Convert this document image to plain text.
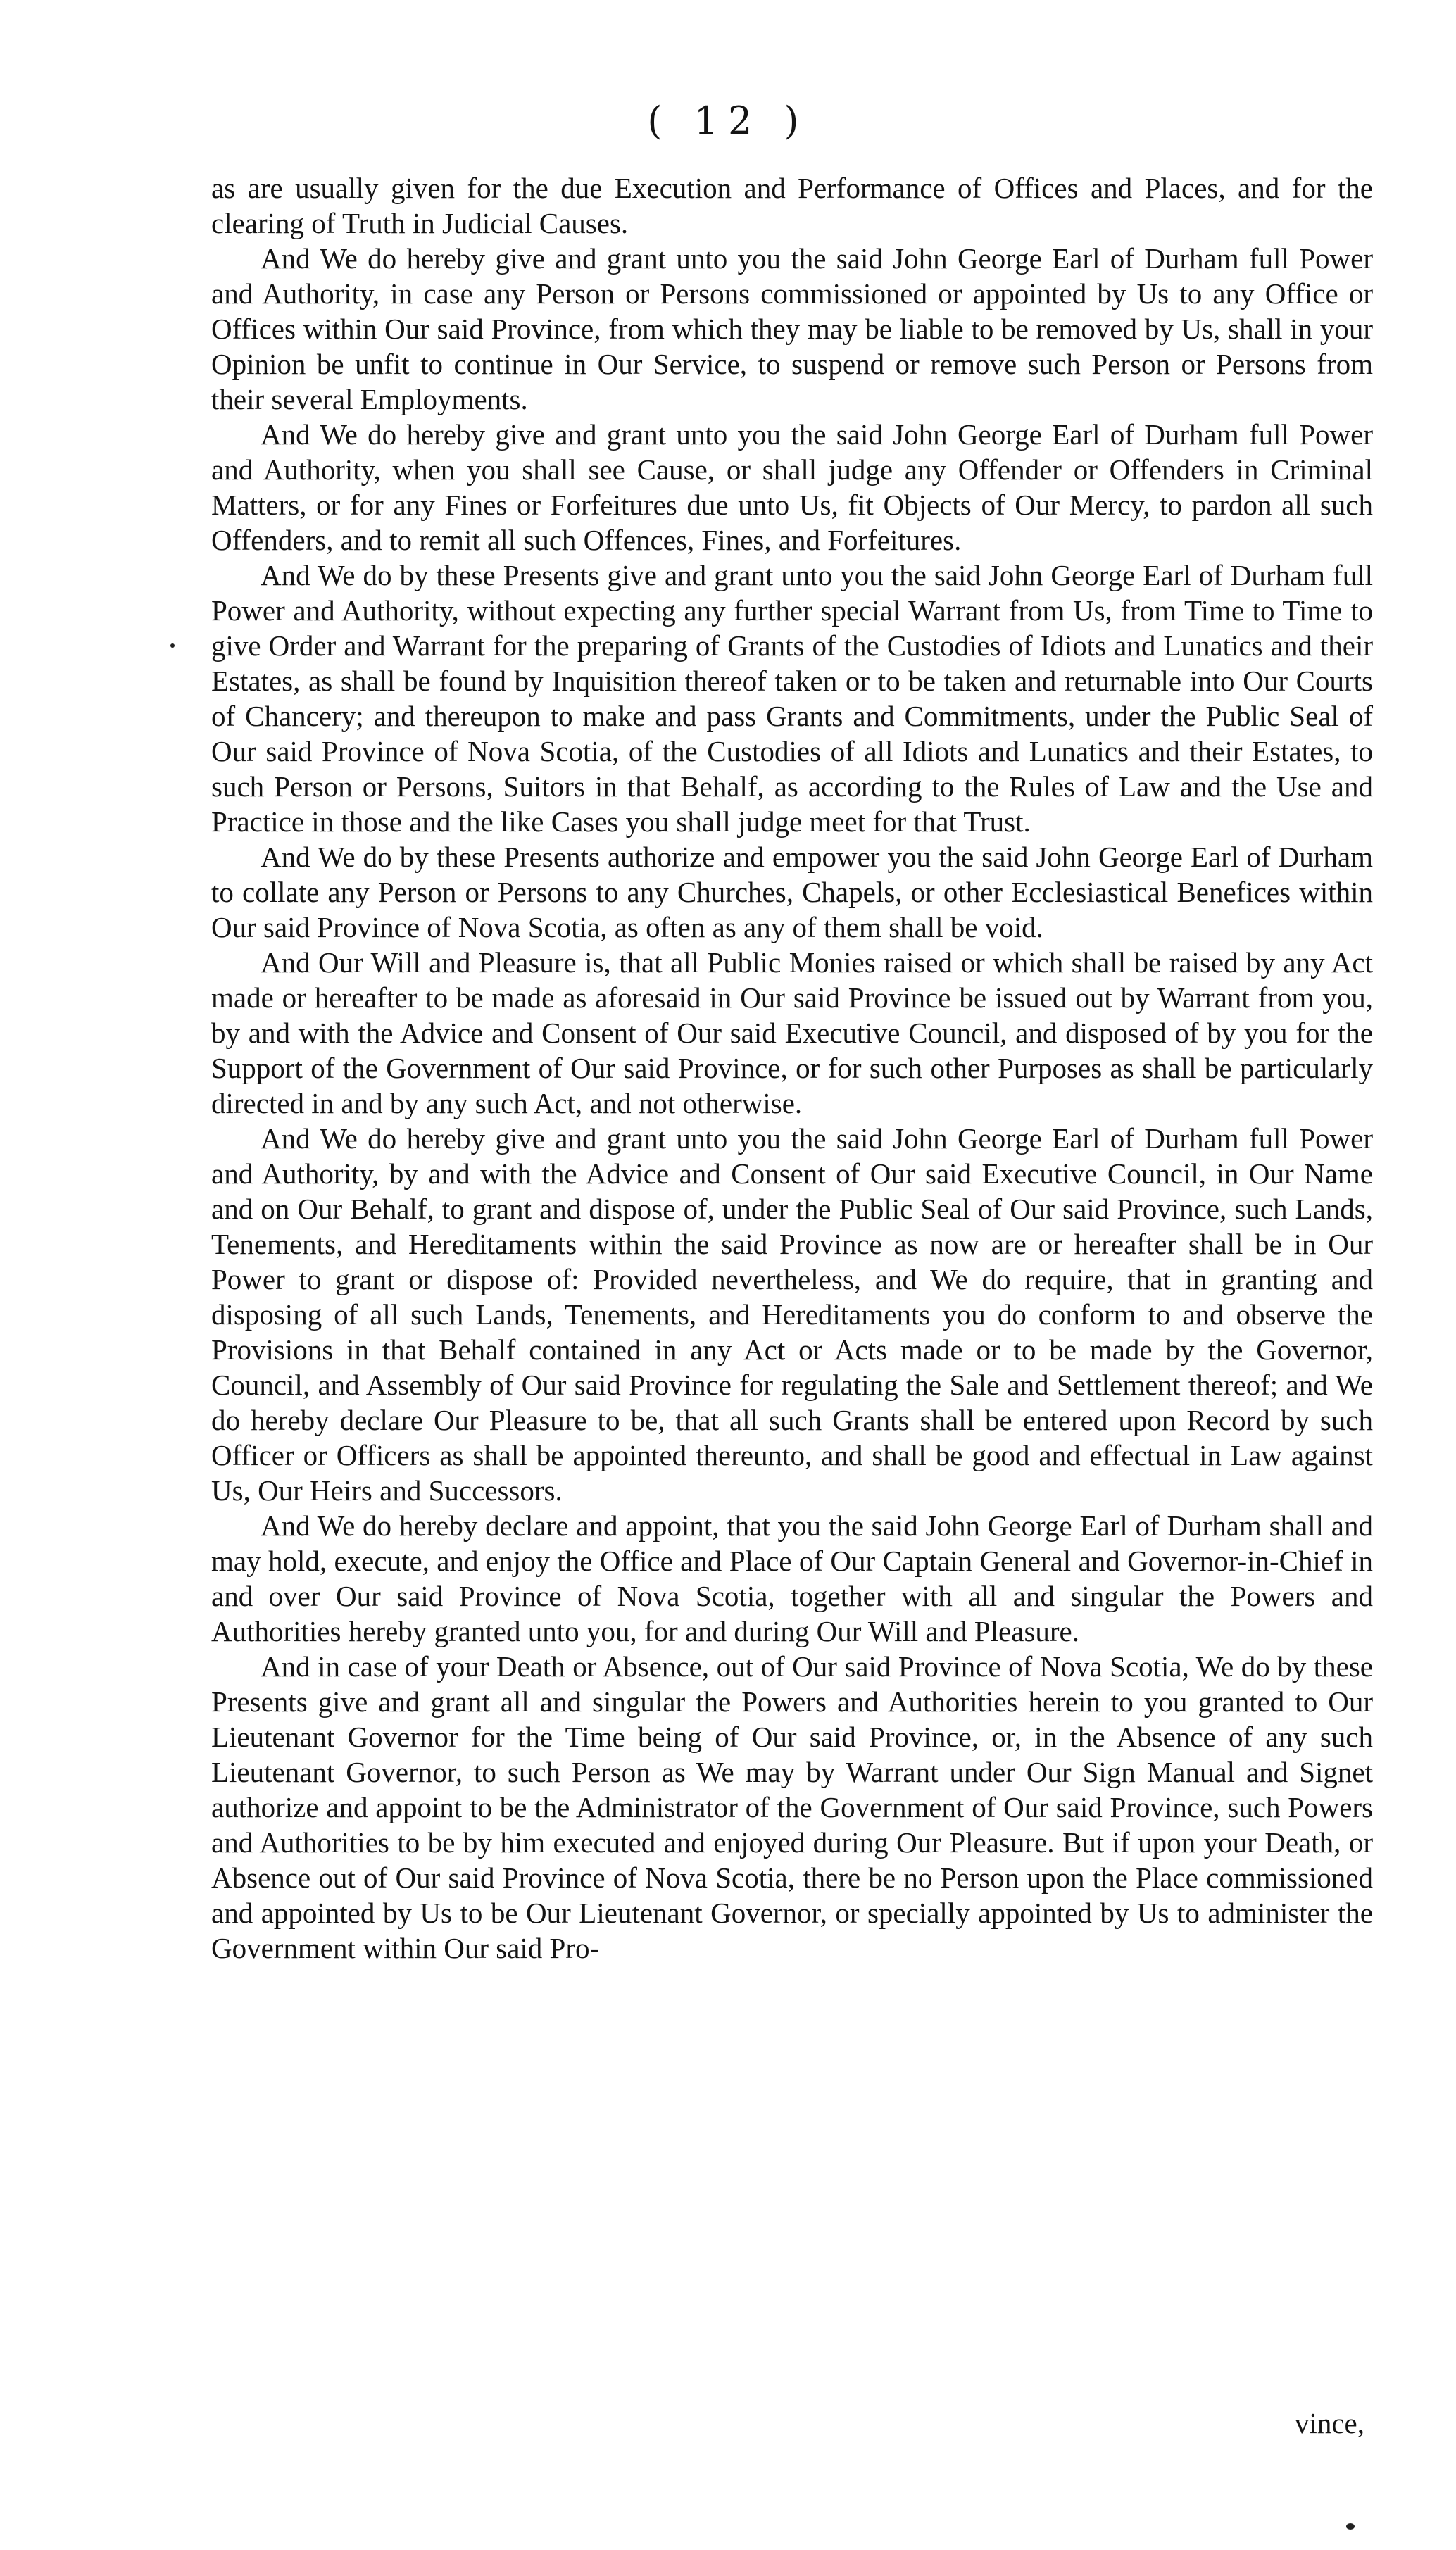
( 12 )

as are usually given for the due Execution and Performance of Offices and Places, and for the clearing of Truth in Judicial Causes.

And We do hereby give and grant unto you the said John George Earl of Durham full Power and Authority, in case any Person or Persons commissioned or appointed by Us to any Office or Offices within Our said Province, from which they may be liable to be removed by Us, shall in your Opinion be unfit to continue in Our Service, to suspend or remove such Person or Persons from their several Employments.

And We do hereby give and grant unto you the said John George Earl of Durham full Power and Authority, when you shall see Cause, or shall judge any Offender or Offenders in Criminal Matters, or for any Fines or Forfeitures due unto Us, fit Objects of Our Mercy, to pardon all such Offenders, and to remit all such Offences, Fines, and Forfeitures.

And We do by these Presents give and grant unto you the said John George Earl of Durham full Power and Authority, without expecting any further special Warrant from Us, from Time to Time to give Order and Warrant for the preparing of Grants of the Custodies of Idiots and Lunatics and their Estates, as shall be found by Inquisition thereof taken or to be taken and returnable into Our Courts of Chancery; and thereupon to make and pass Grants and Commitments, under the Public Seal of Our said Province of Nova Scotia, of the Custodies of all Idiots and Lunatics and their Estates, to such Person or Persons, Suitors in that Behalf, as according to the Rules of Law and the Use and Practice in those and the like Cases you shall judge meet for that Trust.

And We do by these Presents authorize and empower you the said John George Earl of Durham to collate any Person or Persons to any Churches, Chapels, or other Ecclesiastical Benefices within Our said Province of Nova Scotia, as often as any of them shall be void.

And Our Will and Pleasure is, that all Public Monies raised or which shall be raised by any Act made or hereafter to be made as aforesaid in Our said Province be issued out by Warrant from you, by and with the Advice and Consent of Our said Executive Council, and disposed of by you for the Support of the Government of Our said Province, or for such other Purposes as shall be particularly directed in and by any such Act, and not otherwise.

And We do hereby give and grant unto you the said John George Earl of Durham full Power and Authority, by and with the Advice and Consent of Our said Executive Council, in Our Name and on Our Behalf, to grant and dispose of, under the Public Seal of Our said Province, such Lands, Tenements, and Hereditaments within the said Province as now are or hereafter shall be in Our Power to grant or dispose of: Provided nevertheless, and We do require, that in granting and disposing of all such Lands, Tenements, and Hereditaments you do conform to and observe the Provisions in that Behalf contained in any Act or Acts made or to be made by the Governor, Council, and Assembly of Our said Province for regulating the Sale and Settlement thereof; and We do hereby declare Our Pleasure to be, that all such Grants shall be entered upon Record by such Officer or Officers as shall be appointed thereunto, and shall be good and effectual in Law against Us, Our Heirs and Successors.

And We do hereby declare and appoint, that you the said John George Earl of Durham shall and may hold, execute, and enjoy the Office and Place of Our Captain General and Governor-in-Chief in and over Our said Province of Nova Scotia, together with all and singular the Powers and Authorities hereby granted unto you, for and during Our Will and Pleasure.

And in case of your Death or Absence, out of Our said Province of Nova Scotia, We do by these Presents give and grant all and singular the Powers and Authorities herein to you granted to Our Lieutenant Governor for the Time being of Our said Province, or, in the Absence of any such Lieutenant Governor, to such Person as We may by Warrant under Our Sign Manual and Signet authorize and appoint to be the Administrator of the Government of Our said Province, such Powers and Authorities to be by him executed and enjoyed during Our Pleasure. But if upon your Death, or Absence out of Our said Province of Nova Scotia, there be no Person upon the Place commissioned and appointed by Us to be Our Lieutenant Governor, or specially appointed by Us to administer the Government within Our said Pro-

vince,
